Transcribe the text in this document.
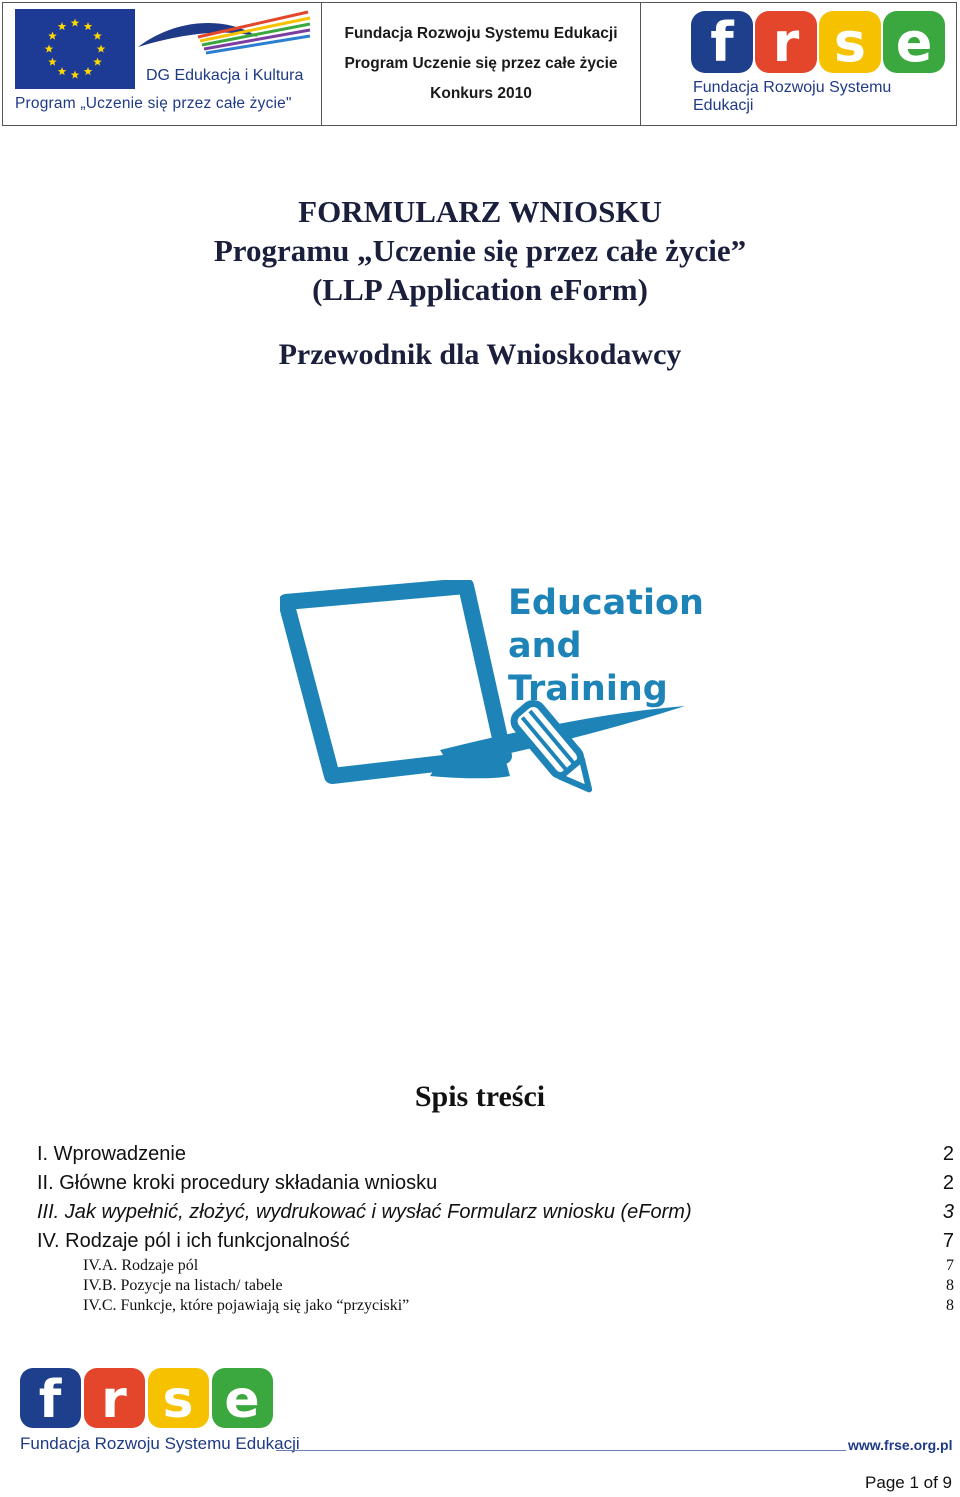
DG Edukacja i Kultura
Program „Uczenie się przez całe życie"
Fundacja Rozwoju Systemu Edukacji
Program Uczenie się przez całe życie
Konkurs 2010
f r s e
Fundacja Rozwoju Systemu Edukacji
FORMULARZ WNIOSKU
Programu „Uczenie się przez całe życie”
(LLP Application eForm)
Przewodnik dla Wnioskodawcy
Education
and
Training
Spis treści
I. Wprowadzenie	2
II. Główne kroki procedury składania wniosku	2
III. Jak wypełnić, złożyć, wydrukować i wysłać Formularz wniosku (eForm)	3
IV. Rodzaje pól i ich funkcjonalność	7
IV.A. Rodzaje pól	7
IV.B. Pozycje na listach/ tabele	8
IV.C. Funkcje, które pojawiają się jako “przyciski”	8
f r s e
Fundacja Rozwoju Systemu Edukacji	www.frse.org.pl
Page 1 of 9
